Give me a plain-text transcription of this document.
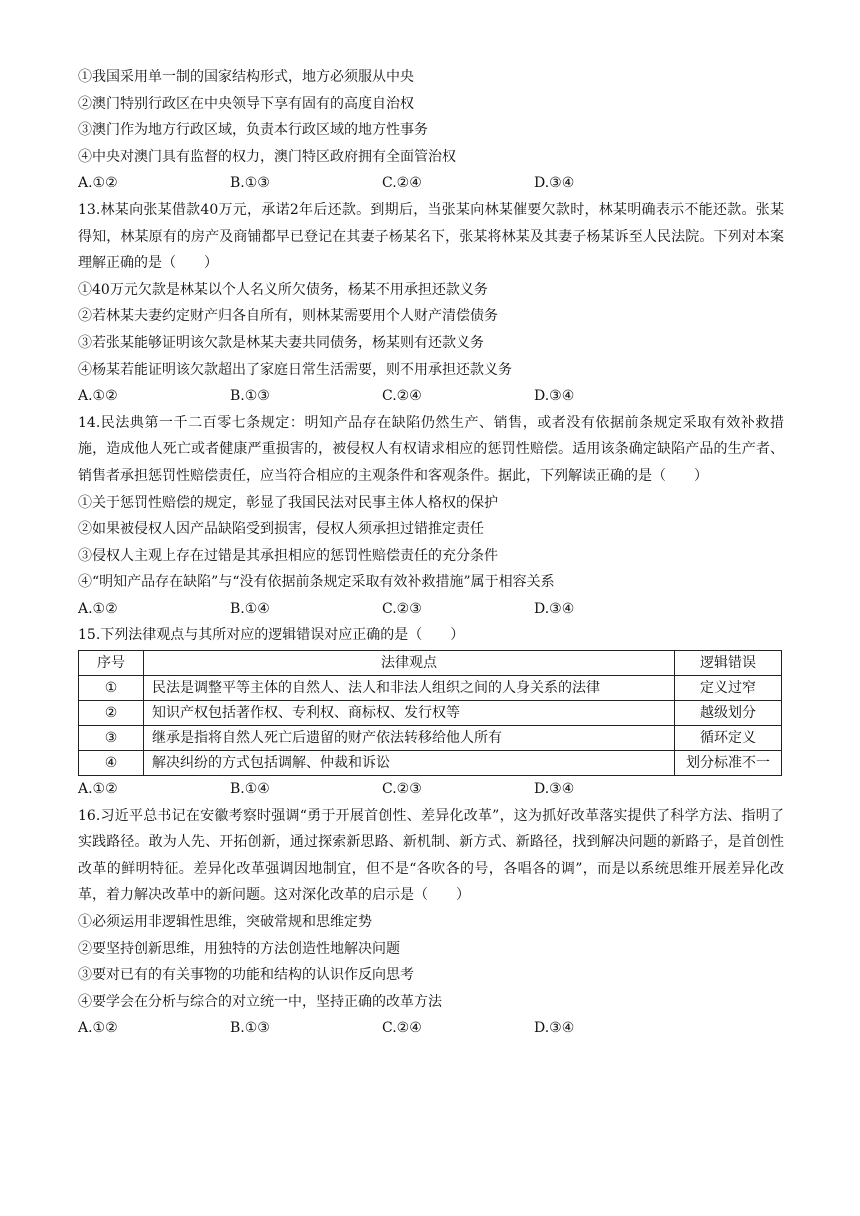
①我国采用单一制的国家结构形式，地方必须服从中央

②澳门特别行政区在中央领导下享有固有的高度自治权

③澳门作为地方行政区域，负责本行政区域的地方性事务

④中央对澳门具有监督的权力，澳门特区政府拥有全面管治权

A.①②	B.①③	C.②④	D.③④

13.林某向张某借款40万元，承诺2年后还款。到期后，当张某向林某催要欠款时，林某明确表示不能还款。张某得知，林某原有的房产及商铺都早已登记在其妻子杨某名下，张某将林某及其妻子杨某诉至人民法院。下列对本案理解正确的是（　　）

①40万元欠款是林某以个人名义所欠债务，杨某不用承担还款义务

②若林某夫妻约定财产归各自所有，则林某需要用个人财产清偿债务

③若张某能够证明该欠款是林某夫妻共同债务，杨某则有还款义务

④杨某若能证明该欠款超出了家庭日常生活需要，则不用承担还款义务

A.①②	B.①③	C.②④	D.③④

14.民法典第一千二百零七条规定：明知产品存在缺陷仍然生产、销售，或者没有依据前条规定采取有效补救措施，造成他人死亡或者健康严重损害的，被侵权人有权请求相应的惩罚性赔偿。适用该条确定缺陷产品的生产者、销售者承担惩罚性赔偿责任，应当符合相应的主观条件和客观条件。据此，下列解读正确的是（　　）

①关于惩罚性赔偿的规定，彰显了我国民法对民事主体人格权的保护

②如果被侵权人因产品缺陷受到损害，侵权人须承担过错推定责任

③侵权人主观上存在过错是其承担相应的惩罚性赔偿责任的充分条件

④“明知产品存在缺陷”与“没有依据前条规定采取有效补救措施”属于相容关系

A.①②	B.①④	C.②③	D.③④

15.下列法律观点与其所对应的逻辑错误对应正确的是（　　）

序号	法律观点	逻辑错误
①	民法是调整平等主体的自然人、法人和非法人组织之间的人身关系的法律	定义过窄
②	知识产权包括著作权、专利权、商标权、发行权等	越级划分
③	继承是指将自然人死亡后遗留的财产依法转移给他人所有	循环定义
④	解决纠纷的方式包括调解、仲裁和诉讼	划分标准不一
A.①②	B.①④	C.②③	D.③④

16.习近平总书记在安徽考察时强调“勇于开展首创性、差异化改革”，这为抓好改革落实提供了科学方法、指明了实践路径。敢为人先、开拓创新，通过探索新思路、新机制、新方式、新路径，找到解决问题的新路子，是首创性改革的鲜明特征。差异化改革强调因地制宜，但不是“各吹各的号，各唱各的调”，而是以系统思维开展差异化改革，着力解决改革中的新问题。这对深化改革的启示是（　　）

①必须运用非逻辑性思维，突破常规和思维定势

②要坚持创新思维，用独特的方法创造性地解决问题

③要对已有的有关事物的功能和结构的认识作反向思考

④要学会在分析与综合的对立统一中，坚持正确的改革方法

A.①②	B.①③	C.②④	D.③④
